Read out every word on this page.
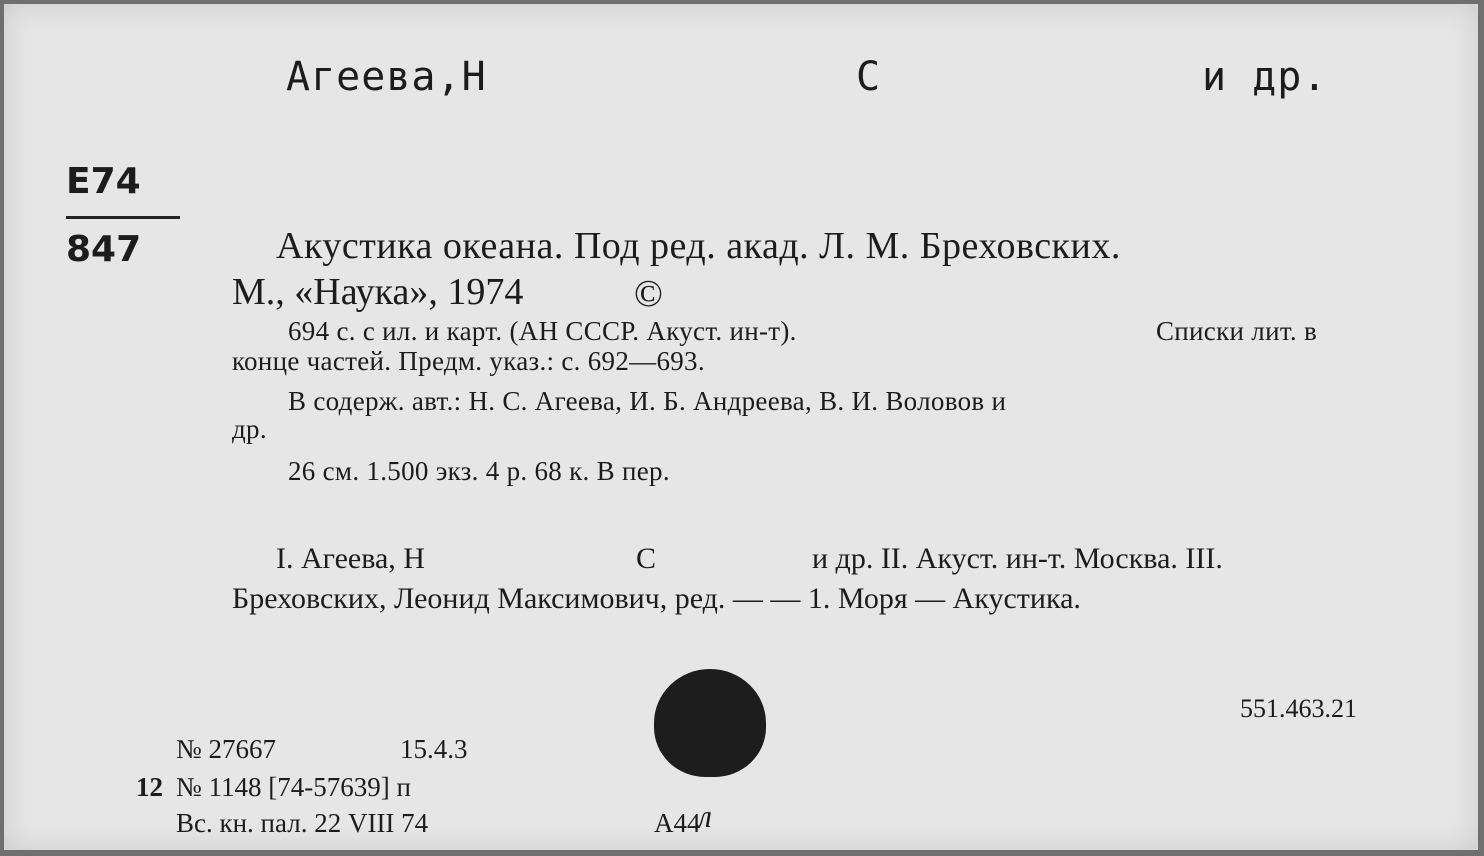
Агеева,Н	С	и др.
Е74
847	Акустика океана. Под ред. акад. Л. М. Бреховских.
М., «Наука», 1974	©
694 с. с ил. и карт. (АН СССР. Акуст. ин-т).	Списки лит. в
конце частей. Предм. указ.: с. 692—693.
В содерж. авт.: Н. С. Агеева, И. Б. Андреева, В. И. Воловов и
др.
26 см. 1.500 экз. 4 р. 68 к. В пер.
I. Агеева, Н	С	и др. II. Акуст. ин-т. Москва. III.
Бреховских, Леонид Максимович, ред. — — 1. Моря — Акустика.
551.463.21
№ 27667	15.4.3
12 № 1148 [74-57639] п
Вс. кн. пал. 22 VIII 74	А44
л
